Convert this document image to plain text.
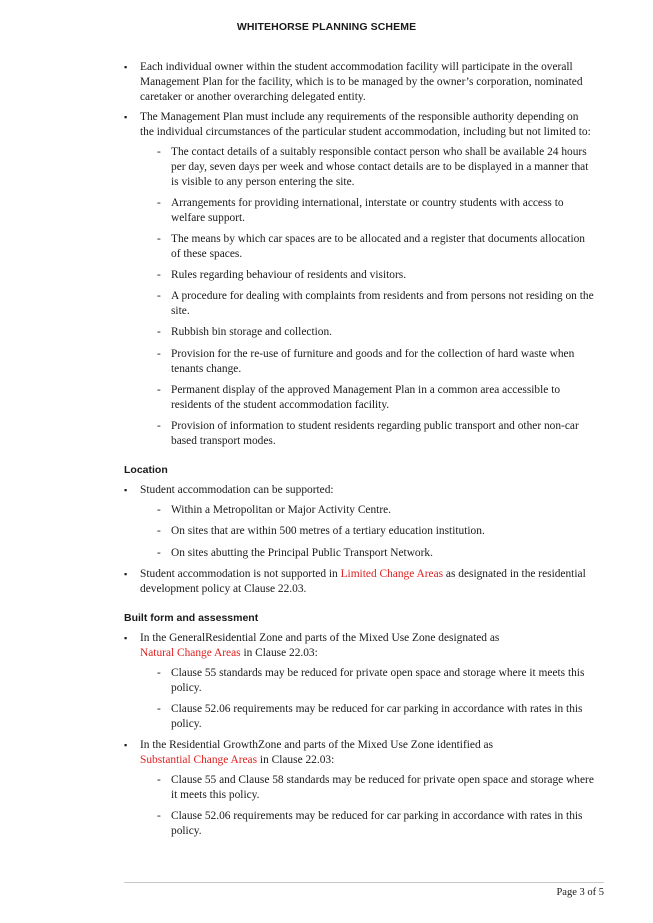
WHITEHORSE PLANNING SCHEME
▪ Each individual owner within the student accommodation facility will participate in the overall Management Plan for the facility, which is to be managed by the owner’s corporation, nominated caretaker or another overarching delegated entity.
▪ The Management Plan must include any requirements of the responsible authority depending on the individual circumstances of the particular student accommodation, including but not limited to:
- The contact details of a suitably responsible contact person who shall be available 24 hours per day, seven days per week and whose contact details are to be displayed in a manner that is visible to any person entering the site.
- Arrangements for providing international, interstate or country students with access to welfare support.
- The means by which car spaces are to be allocated and a register that documents allocation of these spaces.
- Rules regarding behaviour of residents and visitors.
- A procedure for dealing with complaints from residents and from persons not residing on the site.
- Rubbish bin storage and collection.
- Provision for the re-use of furniture and goods and for the collection of hard waste when tenants change.
- Permanent display of the approved Management Plan in a common area accessible to residents of the student accommodation facility.
- Provision of information to student residents regarding public transport and other non-car based transport modes.
Location
▪ Student accommodation can be supported:
- Within a Metropolitan or Major Activity Centre.
- On sites that are within 500 metres of a tertiary education institution.
- On sites abutting the Principal Public Transport Network.
▪ Student accommodation is not supported in Limited Change Areas as designated in the residential development policy at Clause 22.03.
Built form and assessment
▪ In the GeneralResidential Zone and parts of the Mixed Use Zone designated as
Natural Change Areas in Clause 22.03:
- Clause 55 standards may be reduced for private open space and storage where it meets this policy.
- Clause 52.06 requirements may be reduced for car parking in accordance with rates in this policy.
▪ In the Residential GrowthZone and parts of the Mixed Use Zone identified as
Substantial Change Areas in Clause 22.03:
- Clause 55 and Clause 58 standards may be reduced for private open space and storage where it meets this policy.
- Clause 52.06 requirements may be reduced for car parking in accordance with rates in this policy.
Page 3 of 5
